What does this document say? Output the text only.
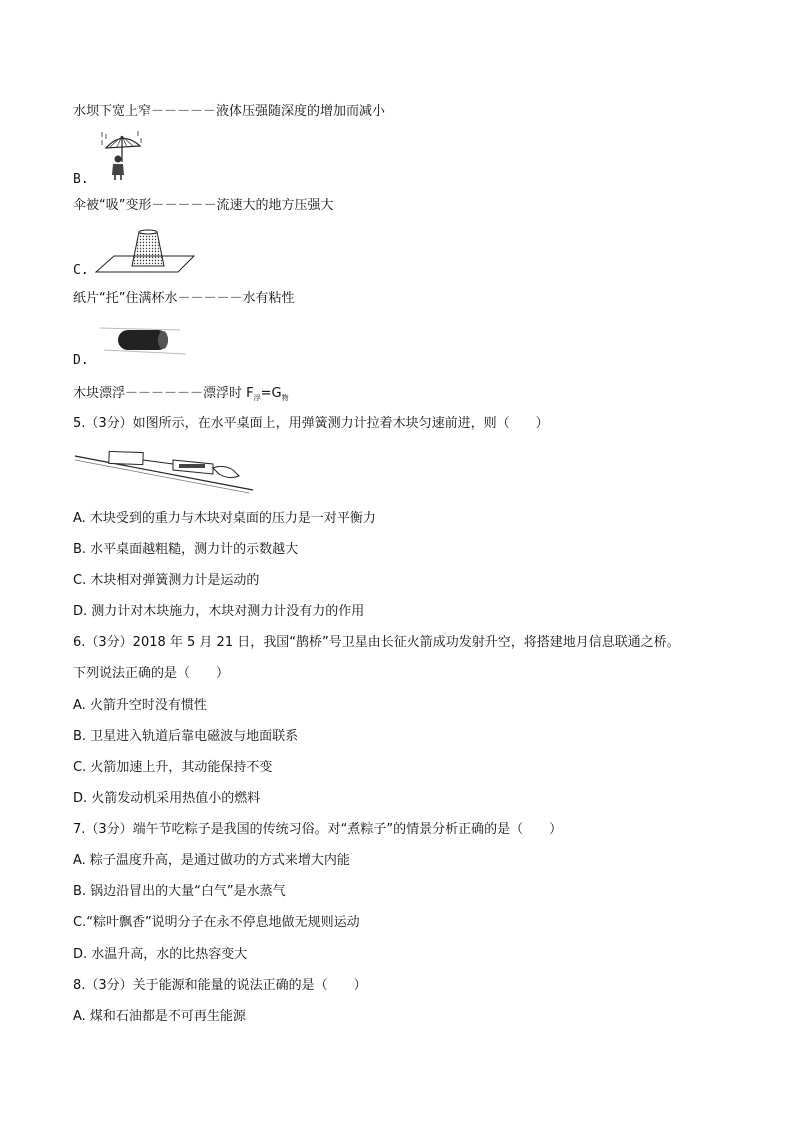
水坝下宽上窄－－－－－液体压强随深度的增加而减小
B.
伞被“吸”变形－－－－－流速大的地方压强大
C.
纸片“托”住满杯水－－－－－水有粘性
D.
木块漂浮－－－－－－漂浮时 $F_浮=G_物$
5.（3分）如图所示，在水平桌面上，用弹簧测力计拉着木块匀速前进，则（　　）
A. 木块受到的重力与木块对桌面的压力是一对平衡力
B. 水平桌面越粗糙，测力计的示数越大
C. 木块相对弹簧测力计是运动的
D. 测力计对木块施力，木块对测力计没有力的作用
6.（3分）2018 年 5 月 21 日，我国“鹊桥”号卫星由长征火箭成功发射升空，将搭建地月信息联通之桥。
下列说法正确的是（　　）
A. 火箭升空时没有惯性
B. 卫星进入轨道后靠电磁波与地面联系
C. 火箭加速上升，其动能保持不变
D. 火箭发动机采用热值小的燃料
7.（3分）端午节吃粽子是我国的传统习俗。对“煮粽子”的情景分析正确的是（　　）
A. 粽子温度升高，是通过做功的方式来增大内能
B. 锅边沿冒出的大量“白气”是水蒸气
C.“粽叶飘香”说明分子在永不停息地做无规则运动
D. 水温升高，水的比热容变大
8.（3分）关于能源和能量的说法正确的是（　　）
A. 煤和石油都是不可再生能源
